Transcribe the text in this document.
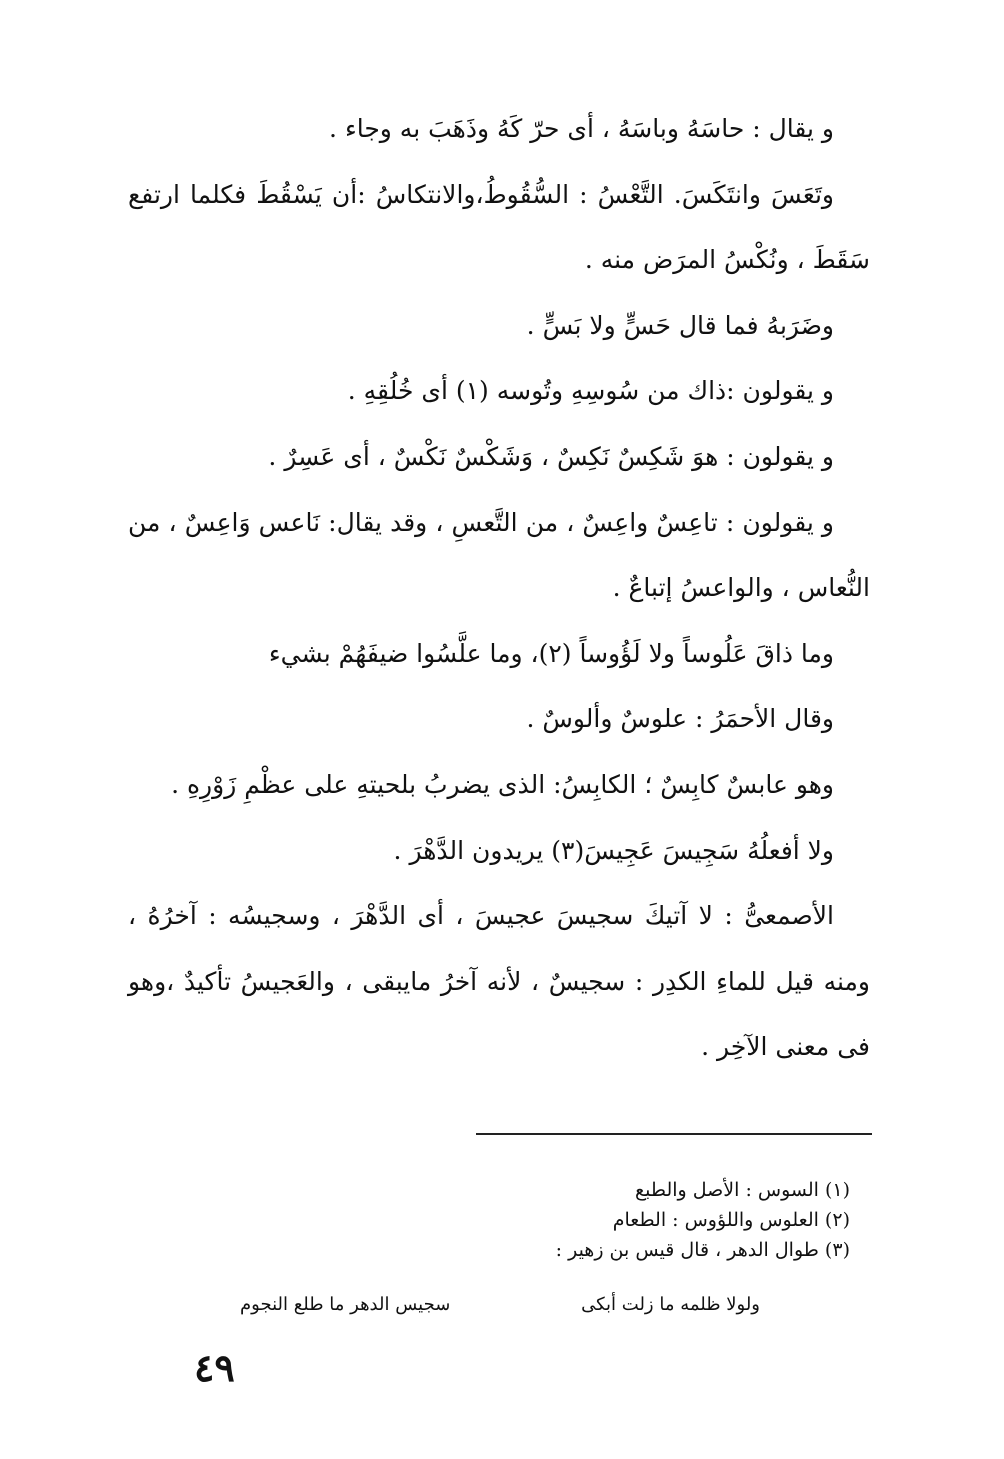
و يقال : حاسَهُ وباسَهُ ، أى حرّ كَهُ وذَهَبَ به وجاء .
وتَعَسَ وانتَكَسَ. التَّعْسُ : السُّقُوطُ،والانتكاسُ :أن يَسْقُطَ فكلما ارتفع
سَقَطَ ، ونُكْسُ المرَض منه .
وضَرَبهُ فما قال حَسٍّ ولا بَسٍّ .
و يقولون :ذاك من سُوسِهِ وتُوسه (١) أى خُلُقِهِ .
و يقولون : هوَ شَكِسٌ نَكِسٌ ، وَشَكْسٌ نَكْسٌ ، أى عَسِرٌ .
و يقولون : تاعِسٌ واعِسٌ ، من التَّعسِ ، وقد يقال: نَاعس وَاعِسٌ ، من
النُّعاس ، والواعسُ إتباعٌ .
وما ذاقَ عَلُوساً ولا لَؤُوساً (٢)، وما علَّسُوا ضيفَهُمْ بشيء
وقال الأحمَرُ : علوسٌ وألوسٌ .
وهو عابسٌ كابِسٌ ؛ الكابِسُ: الذى يضربُ بلحيتهِ على عظْمِ زَوْرِهِ .
ولا أفعلُهُ سَجِيسَ عَجِيسَ(٣) يريدون الدَّهْرَ .
الأصمعىُّ : لا آتيكَ سجيسَ عجيسَ ، أى الدَّهْرَ ، وسجيسُه : آخرُهُ ،
ومنه قيل للماءِ الكدِر : سجيسٌ ، لأنه آخرُ مايبقى ، والعَجيسُ تأكيدٌ ،وهو
فى معنى الآخِر .
(١) السوس : الأصل والطبع
(٢) العلوس واللؤوس : الطعام
(٣) طوال الدهر ، قال قيس بن زهير :
ولولا ظلمه ما زلت أبكى
سجيس الدهر ما طلع النجوم
٤٩
